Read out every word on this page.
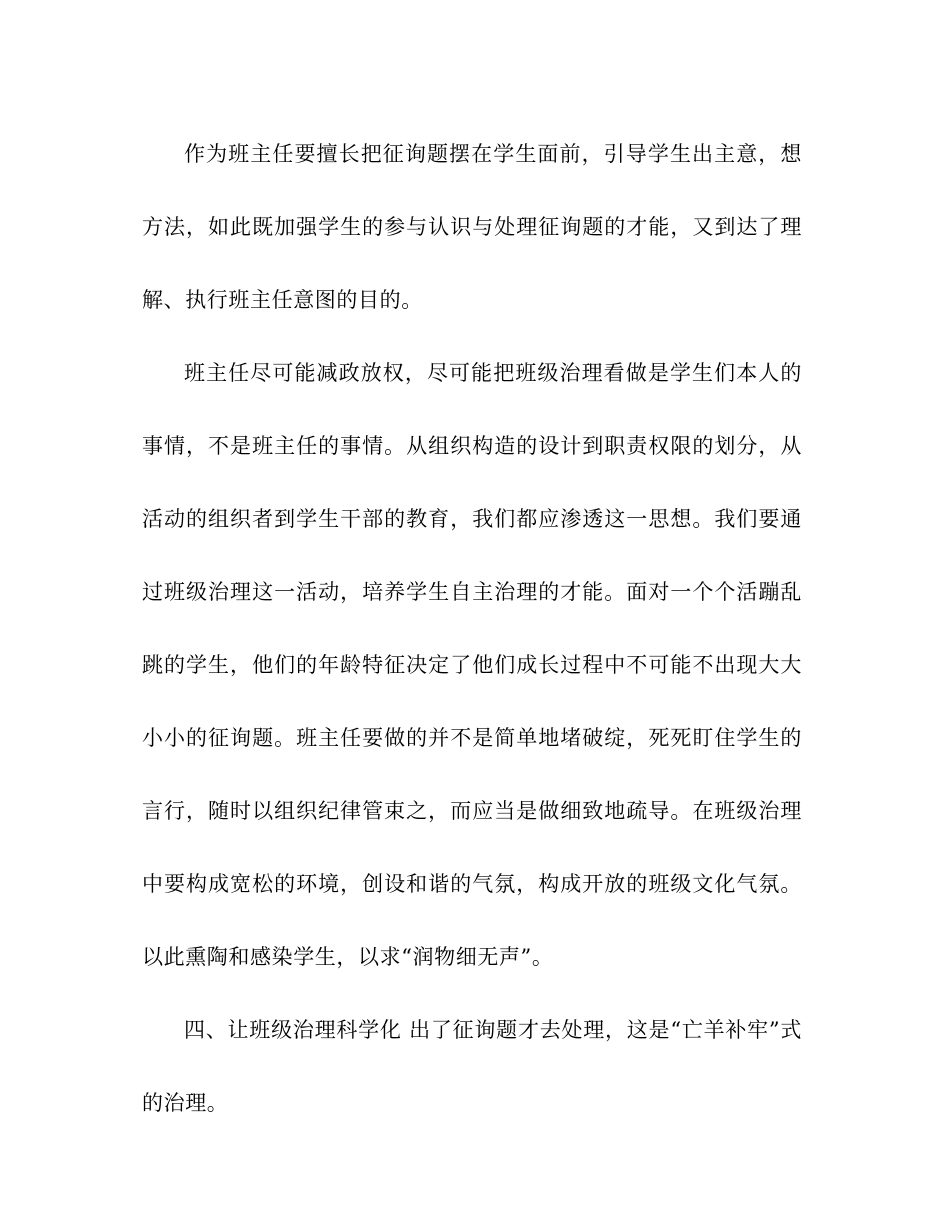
作为班主任要擅长把征询题摆在学生面前，引导学生出主意，想方法，如此既加强学生的参与认识与处理征询题的才能，又到达了理解、执行班主任意图的目的。

班主任尽可能减政放权，尽可能把班级治理看做是学生们本人的事情，不是班主任的事情。从组织构造的设计到职责权限的划分，从活动的组织者到学生干部的教育，我们都应渗透这一思想。我们要通过班级治理这一活动，培养学生自主治理的才能。面对一个个活蹦乱跳的学生，他们的年龄特征决定了他们成长过程中不可能不出现大大小小的征询题。班主任要做的并不是简单地堵破绽，死死盯住学生的言行，随时以组织纪律管束之，而应当是做细致地疏导。在班级治理中要构成宽松的环境，创设和谐的气氛，构成开放的班级文化气氛。以此熏陶和感染学生，以求“润物细无声”。

四、让班级治理科学化 出了征询题才去处理，这是“亡羊补牢”式的治理。
